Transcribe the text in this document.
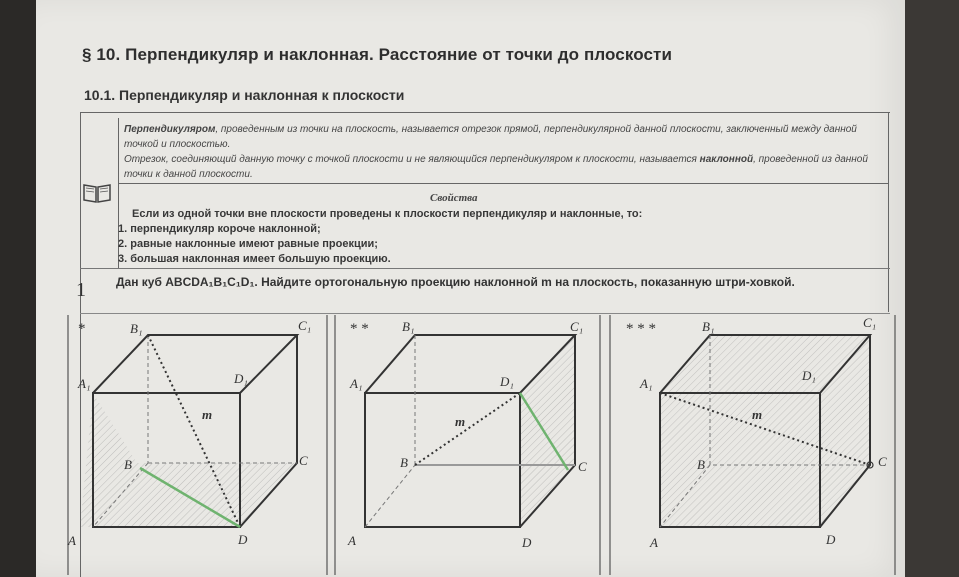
§ 10. Перпендикуляр и наклонная. Расстояние от точки до плоскости
10.1. Перпендикуляр и наклонная к плоскости
Перпендикуляром, проведенным из точки на плоскость, называется отрезок прямой, перпендикулярной данной плоскости, заключенный между данной точкой и плоскостью.
Отрезок, соединяющий данную точку с точкой плоскости и не являющийся перпендикуляром к плоскости, называется наклонной, проведенной из данной точки к данной плоскости.
Свойства
Если из одной точки вне плоскости проведены к плоскости перпендикуляр и наклонные, то:
1. перпендикуляр короче наклонной;
2. равные наклонные имеют равные проекции;
3. большая наклонная имеет большую проекцию.
1	Дан куб ABCDA₁B₁C₁D₁. Найдите ортогональную проекцию наклонной m на плоскость, показанную штри-ховкой.
*	B₁	C₁
A₁	D₁
m
B	C
A	D
* *	B₁	C₁
A₁	D₁
m
B	C
A	D
* * *	B₁	C₁
A₁
D₁
m
B	C
A	D
